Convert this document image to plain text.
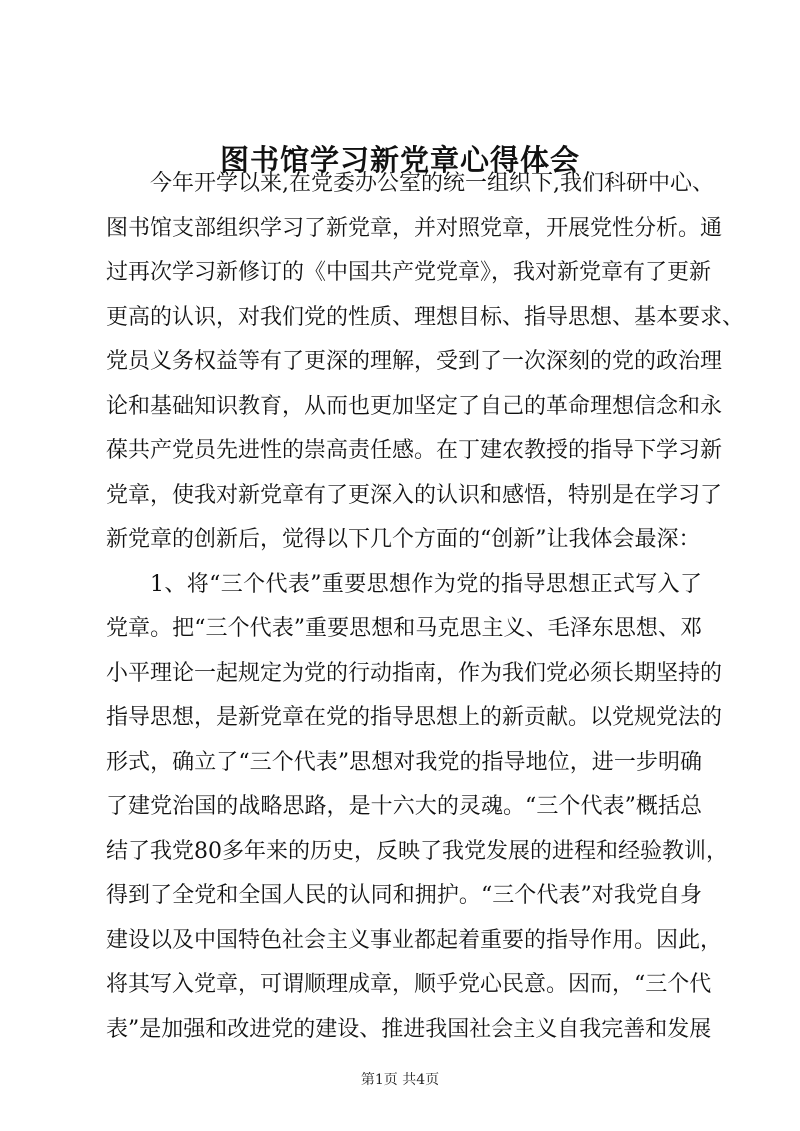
图书馆学习新党章心得体会
今年开学以来,在党委办公室的统一组织下,我们科研中心、
图书馆支部组织学习了新党章，并对照党章，开展党性分析。通
过再次学习新修订的《中国共产党党章》，我对新党章有了更新
更高的认识，对我们党的性质、理想目标、指导思想、基本要求、
党员义务权益等有了更深的理解，受到了一次深刻的党的政治理
论和基础知识教育，从而也更加坚定了自己的革命理想信念和永
葆共产党员先进性的崇高责任感。在丁建农教授的指导下学习新
党章，使我对新党章有了更深入的认识和感悟，特别是在学习了
新党章的创新后，觉得以下几个方面的“创新”让我体会最深：
1、将“三个代表”重要思想作为党的指导思想正式写入了
党章。把“三个代表”重要思想和马克思主义、毛泽东思想、邓
小平理论一起规定为党的行动指南，作为我们党必须长期坚持的
指导思想，是新党章在党的指导思想上的新贡献。以党规党法的
形式，确立了“三个代表”思想对我党的指导地位，进一步明确
了建党治国的战略思路，是十六大的灵魂。“三个代表”概括总
结了我党80多年来的历史，反映了我党发展的进程和经验教训，
得到了全党和全国人民的认同和拥护。“三个代表”对我党自身
建设以及中国特色社会主义事业都起着重要的指导作用。因此，
将其写入党章，可谓顺理成章，顺乎党心民意。因而，“三个代
表”是加强和改进党的建设、推进我国社会主义自我完善和发展
第1页 共4页
